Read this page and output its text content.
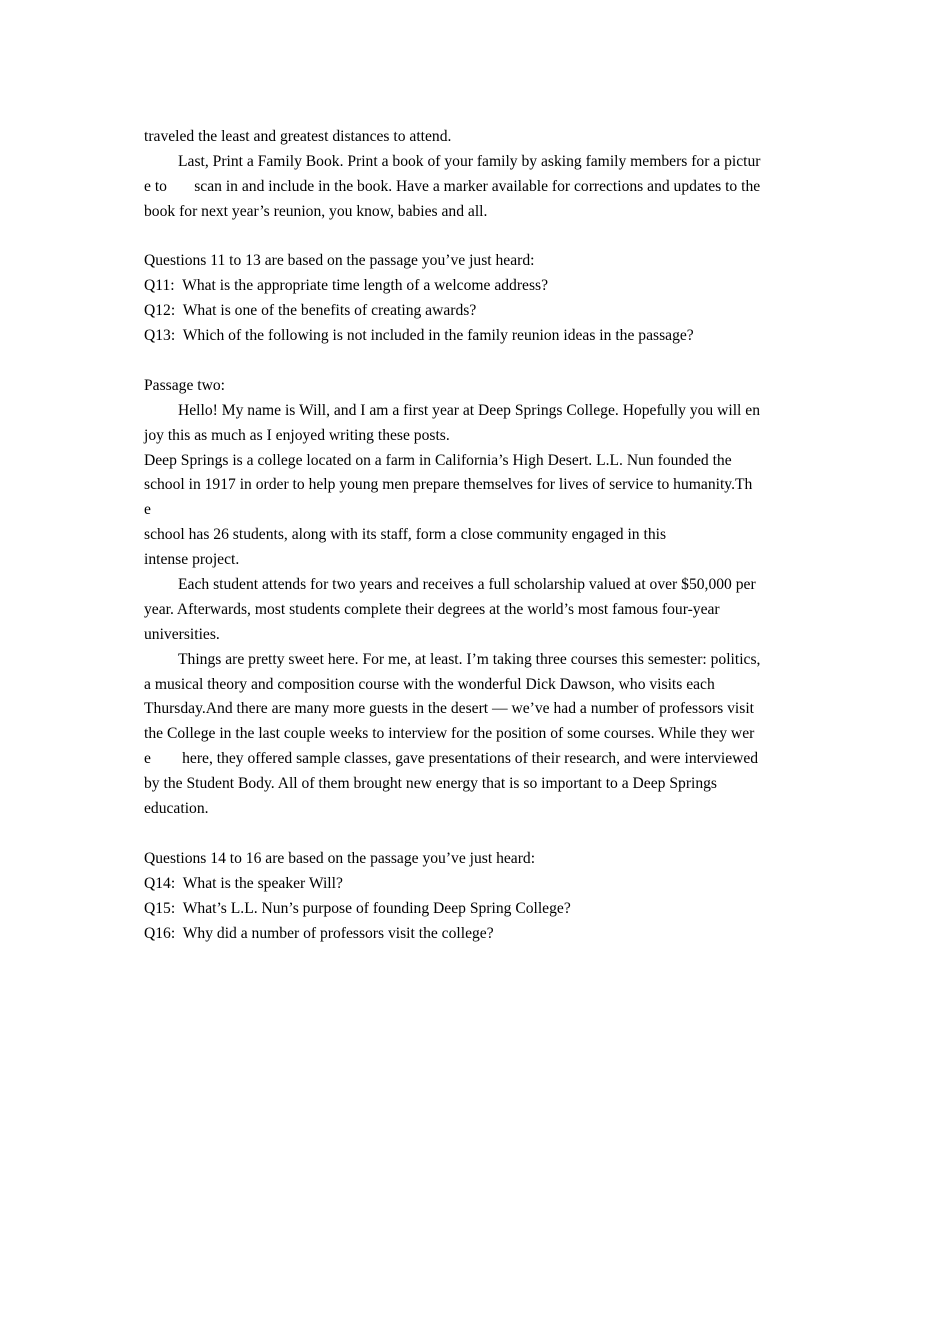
traveled the least and greatest distances to attend.
Last, Print a Family Book. Print a book of your family by asking family members for a pictur
e to       scan in and include in the book. Have a marker available for corrections and updates to the
book for next year’s reunion, you know, babies and all.
Questions 11 to 13 are based on the passage you’ve just heard:
Q11:  What is the appropriate time length of a welcome address?
Q12:  What is one of the benefits of creating awards?
Q13:  Which of the following is not included in the family reunion ideas in the passage?
Passage two:
Hello! My name is Will, and I am a first year at Deep Springs College. Hopefully you will en
joy this as much as I enjoyed writing these posts.
Deep Springs is a college located on a farm in California’s High Desert. L.L. Nun founded the
school in 1917 in order to help young men prepare themselves for lives of service to humanity.Th
e
school has 26 students, along with its staff, form a close community engaged in this
intense project.
Each student attends for two years and receives a full scholarship valued at over $50,000 per
year. Afterwards, most students complete their degrees at the world’s most famous four-year
universities.
Things are pretty sweet here. For me, at least. I’m taking three courses this semester: politics,
a musical theory and composition course with the wonderful Dick Dawson, who visits each
Thursday.And there are many more guests in the desert — we’ve had a number of professors visit
the College in the last couple weeks to interview for the position of some courses. While they wer
e        here, they offered sample classes, gave presentations of their research, and were interviewed
by the Student Body. All of them brought new energy that is so important to a Deep Springs
education.
Questions 14 to 16 are based on the passage you’ve just heard:
Q14:  What is the speaker Will?
Q15:  What’s L.L. Nun’s purpose of founding Deep Spring College?
Q16:  Why did a number of professors visit the college?
